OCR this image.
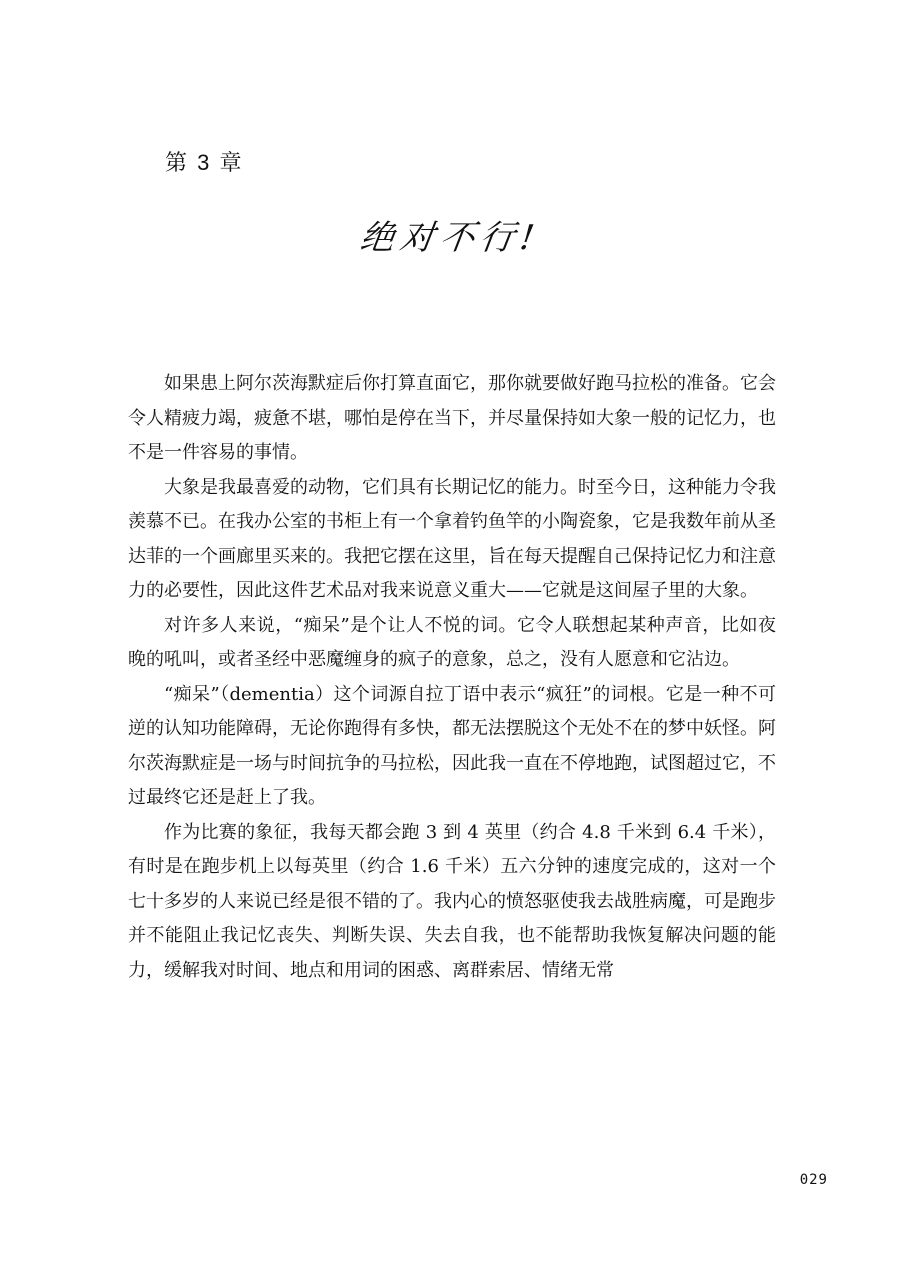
第 3 章
绝对不行!

如果患上阿尔茨海默症后你打算直面它，那你就要做好跑马拉松的准备。它会令人精疲力竭，疲惫不堪，哪怕是停在当下，并尽量保持如大象一般的记忆力，也不是一件容易的事情。

大象是我最喜爱的动物，它们具有长期记忆的能力。时至今日，这种能力令我羡慕不已。在我办公室的书柜上有一个拿着钓鱼竿的小陶瓷象，它是我数年前从圣达菲的一个画廊里买来的。我把它摆在这里，旨在每天提醒自己保持记忆力和注意力的必要性，因此这件艺术品对我来说意义重大——它就是这间屋子里的大象。

对许多人来说，“痴呆”是个让人不悦的词。它令人联想起某种声音，比如夜晚的吼叫，或者圣经中恶魔缠身的疯子的意象，总之，没有人愿意和它沾边。

“痴呆”（dementia）这个词源自拉丁语中表示“疯狂”的词根。它是一种不可逆的认知功能障碍，无论你跑得有多快，都无法摆脱这个无处不在的梦中妖怪。阿尔茨海默症是一场与时间抗争的马拉松，因此我一直在不停地跑，试图超过它，不过最终它还是赶上了我。

作为比赛的象征，我每天都会跑 3 到 4 英里（约合 4.8 千米到 6.4 千米），有时是在跑步机上以每英里（约合 1.6 千米）五六分钟的速度完成的，这对一个七十多岁的人来说已经是很不错的了。我内心的愤怒驱使我去战胜病魔，可是跑步并不能阻止我记忆丧失、判断失误、失去自我，也不能帮助我恢复解决问题的能力，缓解我对时间、地点和用词的困惑、离群索居、情绪无常

029
